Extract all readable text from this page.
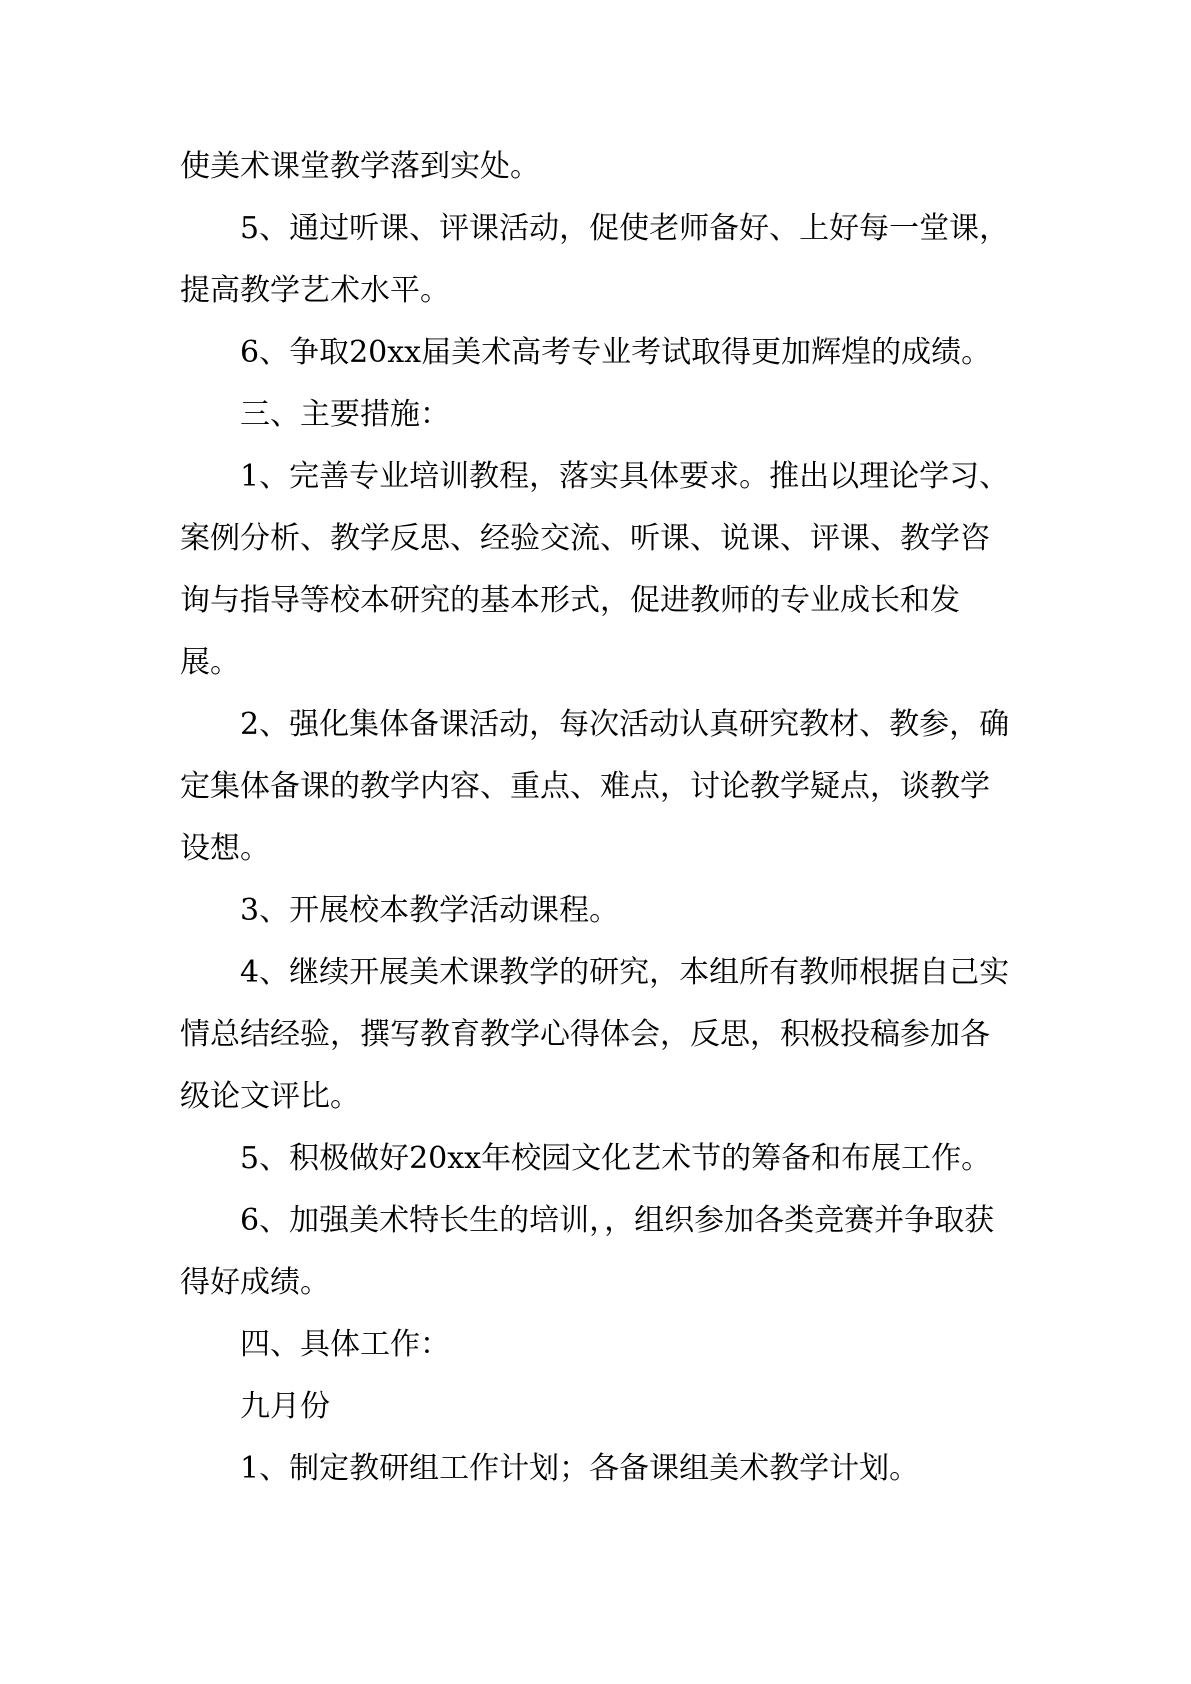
使美术课堂教学落到实处。

5、通过听课、评课活动，促使老师备好、上好每一堂课，提高教学艺术水平。

6、争取20xx届美术高考专业考试取得更加辉煌的成绩。

三、主要措施：

1、完善专业培训教程，落实具体要求。推出以理论学习、案例分析、教学反思、经验交流、听课、说课、评课、教学咨询与指导等校本研究的基本形式，促进教师的专业成长和发展。

2、强化集体备课活动，每次活动认真研究教材、教参，确定集体备课的教学内容、重点、难点，讨论教学疑点，谈教学设想。

3、开展校本教学活动课程。

4、继续开展美术课教学的研究，本组所有教师根据自己实情总结经验，撰写教育教学心得体会，反思，积极投稿参加各级论文评比。

5、积极做好20xx年校园文化艺术节的筹备和布展工作。

6、加强美术特长生的培训，，组织参加各类竞赛并争取获得好成绩。

四、具体工作：

九月份

1、制定教研组工作计划；各备课组美术教学计划。
